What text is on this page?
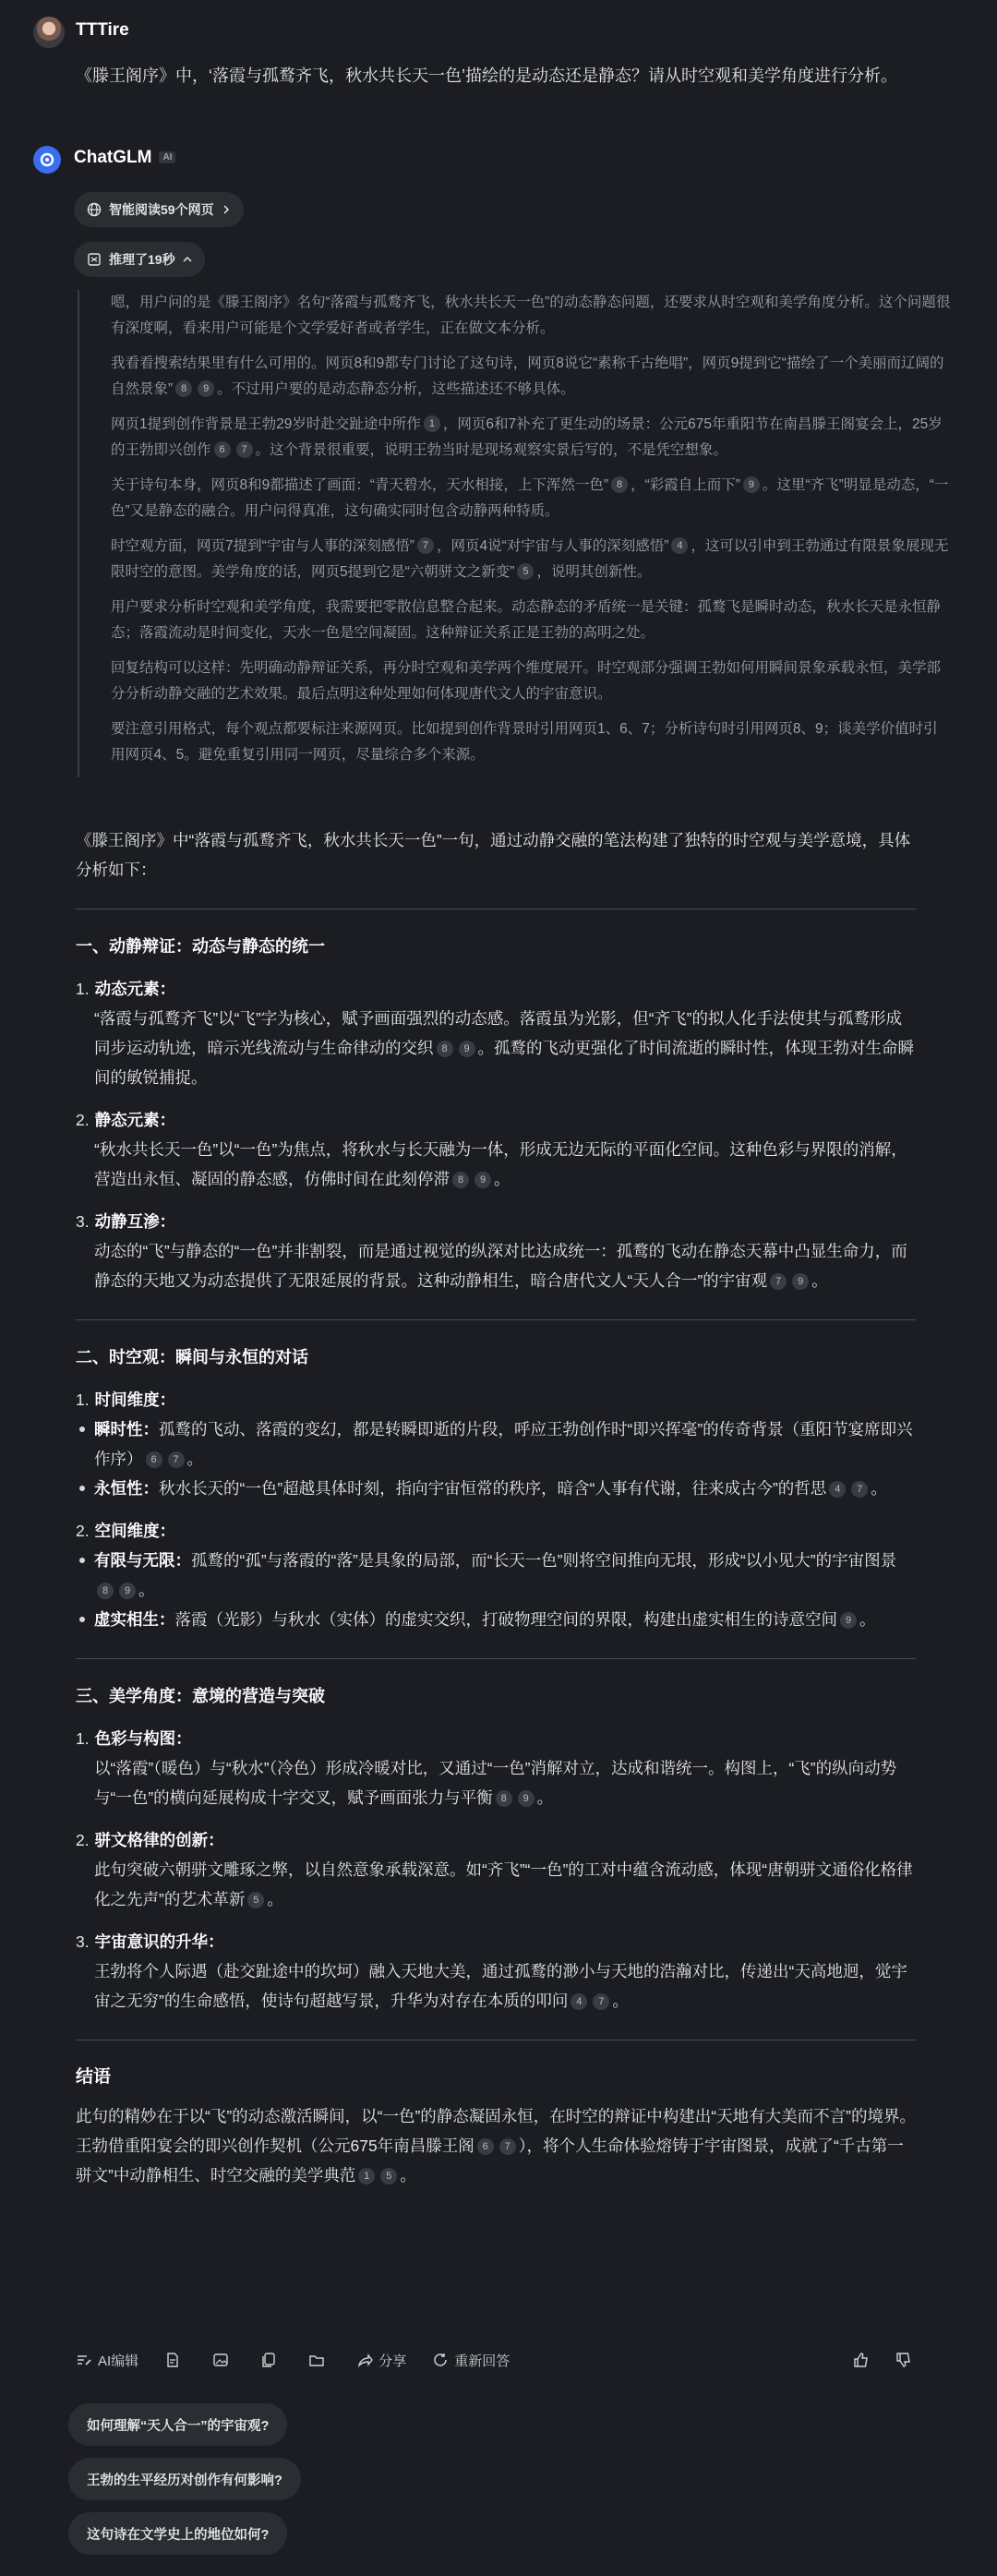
TTTire
《滕王阁序》中，‘落霞与孤鹜齐飞，秋水共长天一色’描绘的是动态还是静态？请从时空观和美学角度进行分析。
ChatGLM AI
智能阅读59个网页
推理了19秒

嗯，用户问的是《滕王阁序》名句“落霞与孤鹜齐飞，秋水共长天一色”的动态静态问题，还要求从时空观和美学角度分析。这个问题很有深度啊，看来用户可能是个文学爱好者或者学生，正在做文本分析。

我看看搜索结果里有什么可用的。网页8和9都专门讨论了这句诗，网页8说它“素称千古绝唱”，网页9提到它“描绘了一个美丽而辽阔的自然景象” 8 9 。不过用户要的是动态静态分析，这些描述还不够具体。

网页1提到创作背景是王勃29岁时赴交趾途中所作 1 ，网页6和7补充了更生动的场景：公元675年重阳节在南昌滕王阁宴会上，25岁的王勃即兴创作 6 7 。这个背景很重要，说明王勃当时是现场观察实景后写的，不是凭空想象。

关于诗句本身，网页8和9都描述了画面：“青天碧水，天水相接，上下浑然一色” 8 ，“彩霞自上而下” 9 。这里“齐飞”明显是动态，“一色”又是静态的融合。用户问得真准，这句确实同时包含动静两种特质。

时空观方面，网页7提到“宇宙与人事的深刻感悟” 7 ，网页4说“对宇宙与人事的深刻感悟” 4 ，这可以引申到王勃通过有限景象展现无限时空的意图。美学角度的话，网页5提到它是“六朝骈文之新变” 5 ，说明其创新性。

用户要求分析时空观和美学角度，我需要把零散信息整合起来。动态静态的矛盾统一是关键：孤鹜飞是瞬时动态，秋水长天是永恒静态；落霞流动是时间变化，天水一色是空间凝固。这种辩证关系正是王勃的高明之处。

回复结构可以这样：先明确动静辩证关系，再分时空观和美学两个维度展开。时空观部分强调王勃如何用瞬间景象承载永恒，美学部分分析动静交融的艺术效果。最后点明这种处理如何体现唐代文人的宇宙意识。

要注意引用格式，每个观点都要标注来源网页。比如提到创作背景时引用网页1、6、7；分析诗句时引用网页8、9；谈美学价值时引用网页4、5。避免重复引用同一网页，尽量综合多个来源。

《滕王阁序》中“落霞与孤鹜齐飞，秋水共长天一色”一句，通过动静交融的笔法构建了独特的时空观与美学意境，具体分析如下：

一、动静辩证：动态与静态的统一
1. 动态元素：
“落霞与孤鹜齐飞”以“飞”字为核心，赋予画面强烈的动态感。落霞虽为光影，但“齐飞”的拟人化手法使其与孤鹜形成同步运动轨迹，暗示光线流动与生命律动的交织 8 9 。孤鹜的飞动更强化了时间流逝的瞬时性，体现王勃对生命瞬间的敏锐捕捉。
2. 静态元素：
“秋水共长天一色”以“一色”为焦点，将秋水与长天融为一体，形成无边无际的平面化空间。这种色彩与界限的消解，营造出永恒、凝固的静态感，仿佛时间在此刻停滞 8 9 。
3. 动静互渗：
动态的“飞”与静态的“一色”并非割裂，而是通过视觉的纵深对比达成统一：孤鹜的飞动在静态天幕中凸显生命力，而静态的天地又为动态提供了无限延展的背景。这种动静相生，暗合唐代文人“天人合一”的宇宙观 7 9 。
二、时空观：瞬间与永恒的对话
1. 时间维度：
瞬时性：孤鹜的飞动、落霞的变幻，都是转瞬即逝的片段，呼应王勃创作时“即兴挥毫”的传奇背景（重阳节宴席即兴作序） 6 7 。
永恒性：秋水长天的“一色”超越具体时刻，指向宇宙恒常的秩序，暗含“人事有代谢，往来成古今”的哲思 4 7 。
2. 空间维度：
有限与无限：孤鹜的“孤”与落霞的“落”是具象的局部，而“长天一色”则将空间推向无垠，形成“以小见大”的宇宙图景8 9 。
虚实相生：落霞（光影）与秋水（实体）的虚实交织，打破物理空间的界限，构建出虚实相生的诗意空间 9 。
三、美学角度：意境的营造与突破
1. 色彩与构图：
以“落霞”（暖色）与“秋水”（冷色）形成冷暖对比，又通过“一色”消解对立，达成和谐统一。构图上，“飞”的纵向动势与“一色”的横向延展构成十字交叉，赋予画面张力与平衡 8 9 。
2. 骈文格律的创新：
此句突破六朝骈文雕琢之弊，以自然意象承载深意。如“齐飞”“一色”的工对中蕴含流动感，体现“唐朝骈文通俗化格律化之先声”的艺术革新 5 。
3. 宇宙意识的升华：
王勃将个人际遇（赴交趾途中的坎坷）融入天地大美，通过孤鹜的渺小与天地的浩瀚对比，传递出“天高地迥，觉宇宙之无穷”的生命感悟，使诗句超越写景，升华为对存在本质的叩问 4 7 。
结语

此句的精妙在于以“飞”的动态激活瞬间，以“一色”的静态凝固永恒，在时空的辩证中构建出“天地有大美而不言”的境界。王勃借重阳宴会的即兴创作契机（公元675年南昌滕王阁 6 7 ），将个人生命体验熔铸于宇宙图景，成就了“千古第一骈文”中动静相生、时空交融的美学典范 1 5 。

AI编辑	分享	重新回答
如何理解“天人合一”的宇宙观?
王勃的生平经历对创作有何影响?
这句诗在文学史上的地位如何?
